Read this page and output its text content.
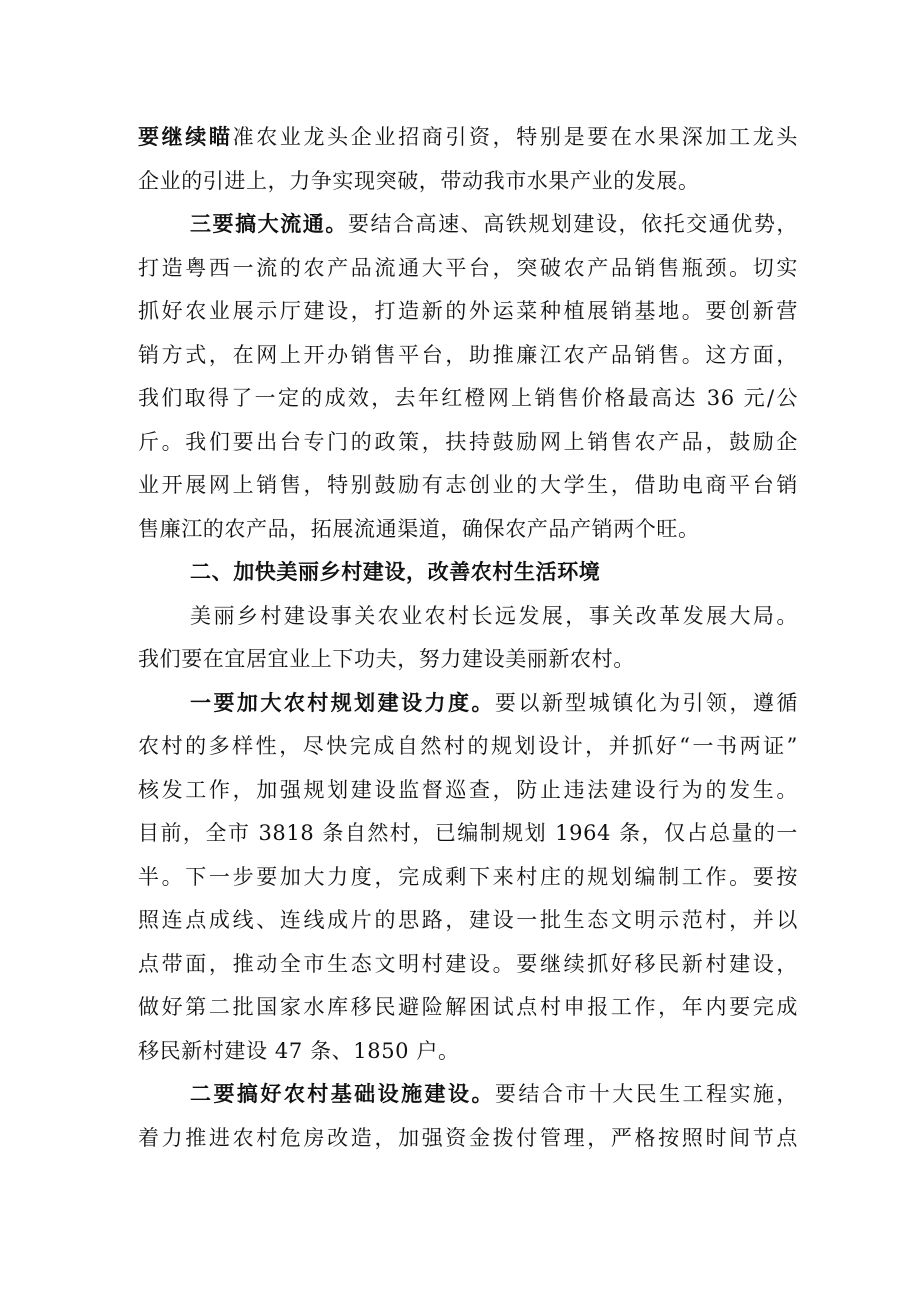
要继续瞄准农业龙头企业招商引资，特别是要在水果深加工龙头
企业的引进上，力争实现突破，带动我市水果产业的发展。
三要搞大流通。要结合高速、高铁规划建设，依托交通优势，
打造粤西一流的农产品流通大平台，突破农产品销售瓶颈。切实
抓好农业展示厅建设，打造新的外运菜种植展销基地。要创新营
销方式，在网上开办销售平台，助推廉江农产品销售。这方面，
我们取得了一定的成效，去年红橙网上销售价格最高达 36 元/公
斤。我们要出台专门的政策，扶持鼓励网上销售农产品，鼓励企
业开展网上销售，特别鼓励有志创业的大学生，借助电商平台销
售廉江的农产品，拓展流通渠道，确保农产品产销两个旺。
二、加快美丽乡村建设，改善农村生活环境
美丽乡村建设事关农业农村长远发展，事关改革发展大局。
我们要在宜居宜业上下功夫，努力建设美丽新农村。
一要加大农村规划建设力度。要以新型城镇化为引领，遵循
农村的多样性，尽快完成自然村的规划设计，并抓好“一书两证”
核发工作，加强规划建设监督巡查，防止违法建设行为的发生。
目前，全市 3818 条自然村，已编制规划 1964 条，仅占总量的一
半。下一步要加大力度，完成剩下来村庄的规划编制工作。要按
照连点成线、连线成片的思路，建设一批生态文明示范村，并以
点带面，推动全市生态文明村建设。要继续抓好移民新村建设，
做好第二批国家水库移民避险解困试点村申报工作，年内要完成
移民新村建设 47 条、1850 户。
二要搞好农村基础设施建设。要结合市十大民生工程实施，
着力推进农村危房改造，加强资金拨付管理，严格按照时间节点
